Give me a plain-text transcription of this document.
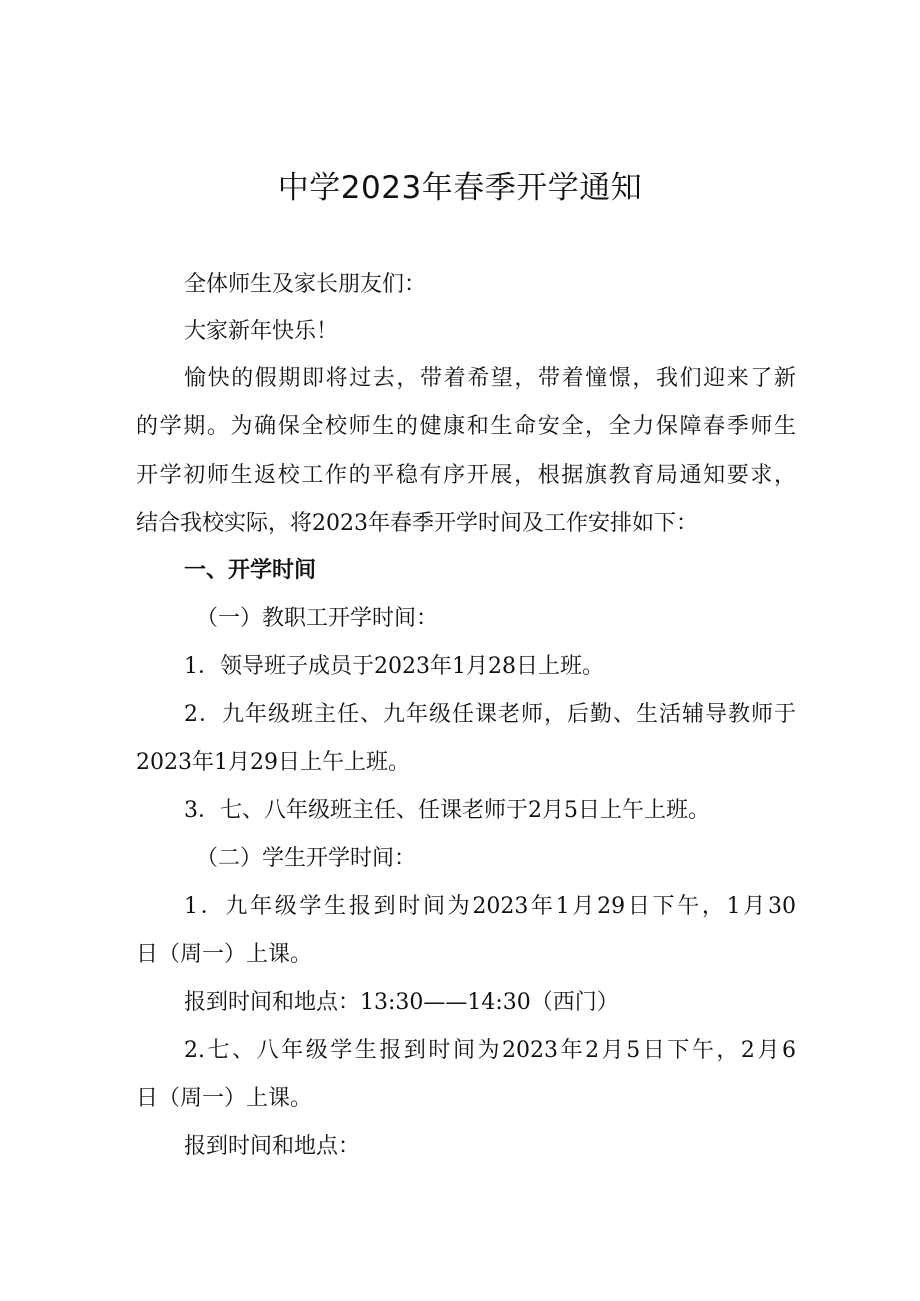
中学2023年春季开学通知

全体师生及家长朋友们：

大家新年快乐！

愉快的假期即将过去，带着希望，带着憧憬，我们迎来了新

的学期。为确保全校师生的健康和生命安全，全力保障春季师生

开学初师生返校工作的平稳有序开展，根据旗教育局通知要求，

结合我校实际，将2023年春季开学时间及工作安排如下：

一、开学时间

（一）教职工开学时间：

1．领导班子成员于2023年1月28日上班。

2．九年级班主任、九年级任课老师，后勤、生活辅导教师于

2023年1月29日上午上班。

3．七、八年级班主任、任课老师于2月5日上午上班。

（二）学生开学时间：

1．九年级学生报到时间为2023年1月29日下午，1月30

日（周一）上课。

报到时间和地点：13:30——14:30（西门）

2.七、八年级学生报到时间为2023年2月5日下午，2月6

日（周一）上课。

报到时间和地点：
